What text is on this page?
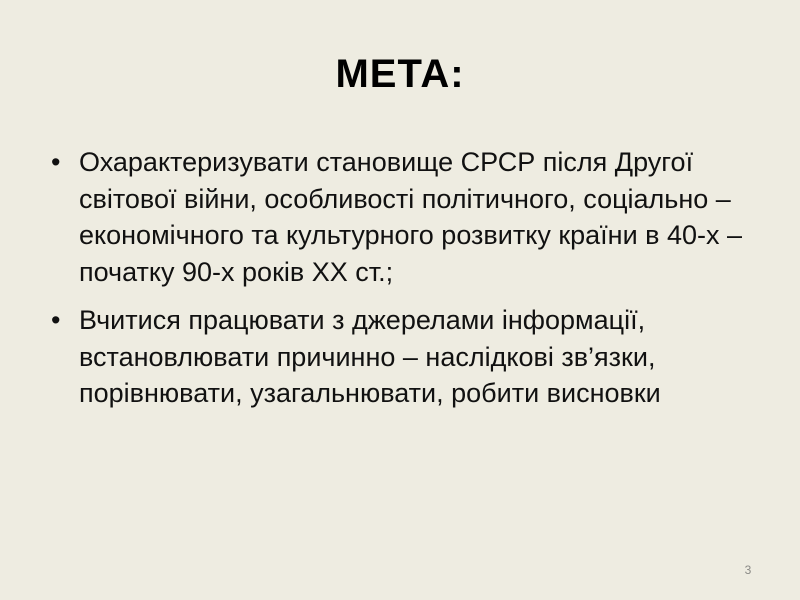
МЕТА:
• Охарактеризувати становище СРСР після Другої світової війни, особливості політичного, соціально – економічного та культурного розвитку країни в 40-х – початку 90-х років ХХ ст.;
• Вчитися працювати з джерелами інформації, встановлювати причинно – наслідкові зв’язки, порівнювати, узагальнювати, робити висновки
3
